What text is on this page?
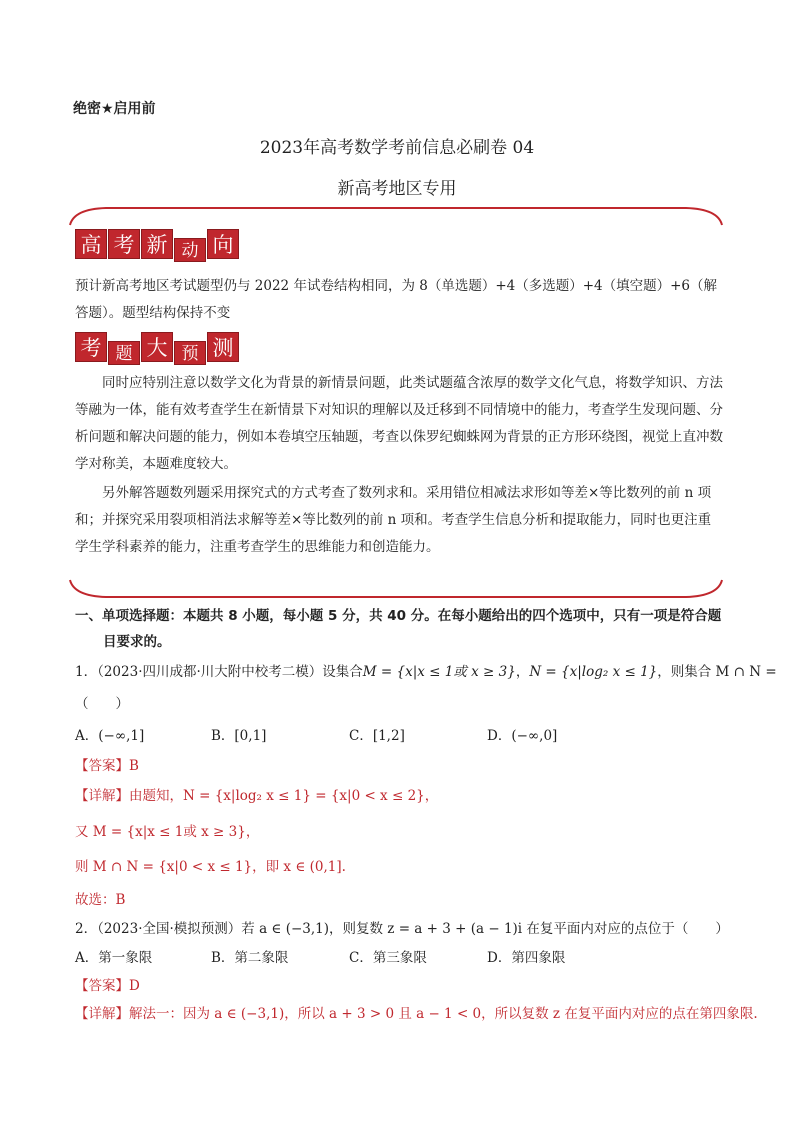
绝密★启用前
2023年高考数学考前信息必刷卷 04
新高考地区专用
高 考 新 动 向
预计新高考地区考试题型仍与 2022 年试卷结构相同，为 8（单选题）+4（多选题）+4（填空题）+6（解答题）。题型结构保持不变
考 题 大 预 测
同时应特别注意以数学文化为背景的新情景问题，此类试题蕴含浓厚的数学文化气息，将数学知识、方法等融为一体，能有效考查学生在新情景下对知识的理解以及迁移到不同情境中的能力，考查学生发现问题、分析问题和解决问题的能力，例如本卷填空压轴题，考查以侏罗纪蜘蛛网为背景的正方形环绕图，视觉上直冲数学对称美，本题难度较大。
另外解答题数列题采用探究式的方式考查了数列求和。采用错位相减法求形如等差×等比数列的前 n 项和；并探究采用裂项相消法求解等差×等比数列的前 n 项和。考查学生信息分析和提取能力，同时也更注重学生学科素养的能力，注重考查学生的思维能力和创造能力。
一、单项选择题：本题共 8 小题，每小题 5 分，共 40 分。在每小题给出的四个选项中，只有一项是符合题
目要求的。
1．（2023·四川成都·川大附中校考二模）设集合M = {x|x ≤ 1或 x ≥ 3}，N = {x|log₂ x ≤ 1}，则集合 M ∩ N =
（　　）
A．(−∞,1]	B．[0,1]	C．[1,2]	D．(−∞,0]
【答案】B
【详解】由题知，N = {x|log₂ x ≤ 1} = {x|0 < x ≤ 2}，
又 M = {x|x ≤ 1或 x ≥ 3}，
则 M ∩ N = {x|0 < x ≤ 1}，即 x ∈ (0,1].
故选：B
2．（2023·全国·模拟预测）若 a ∈ (−3,1)，则复数 z = a + 3 + (a − 1)i 在复平面内对应的点位于（　　）
A．第一象限	B．第二象限	C．第三象限	D．第四象限
【答案】D
【详解】解法一：因为 a ∈ (−3,1)，所以 a + 3 > 0 且 a − 1 < 0，所以复数 z 在复平面内对应的点在第四象限.
